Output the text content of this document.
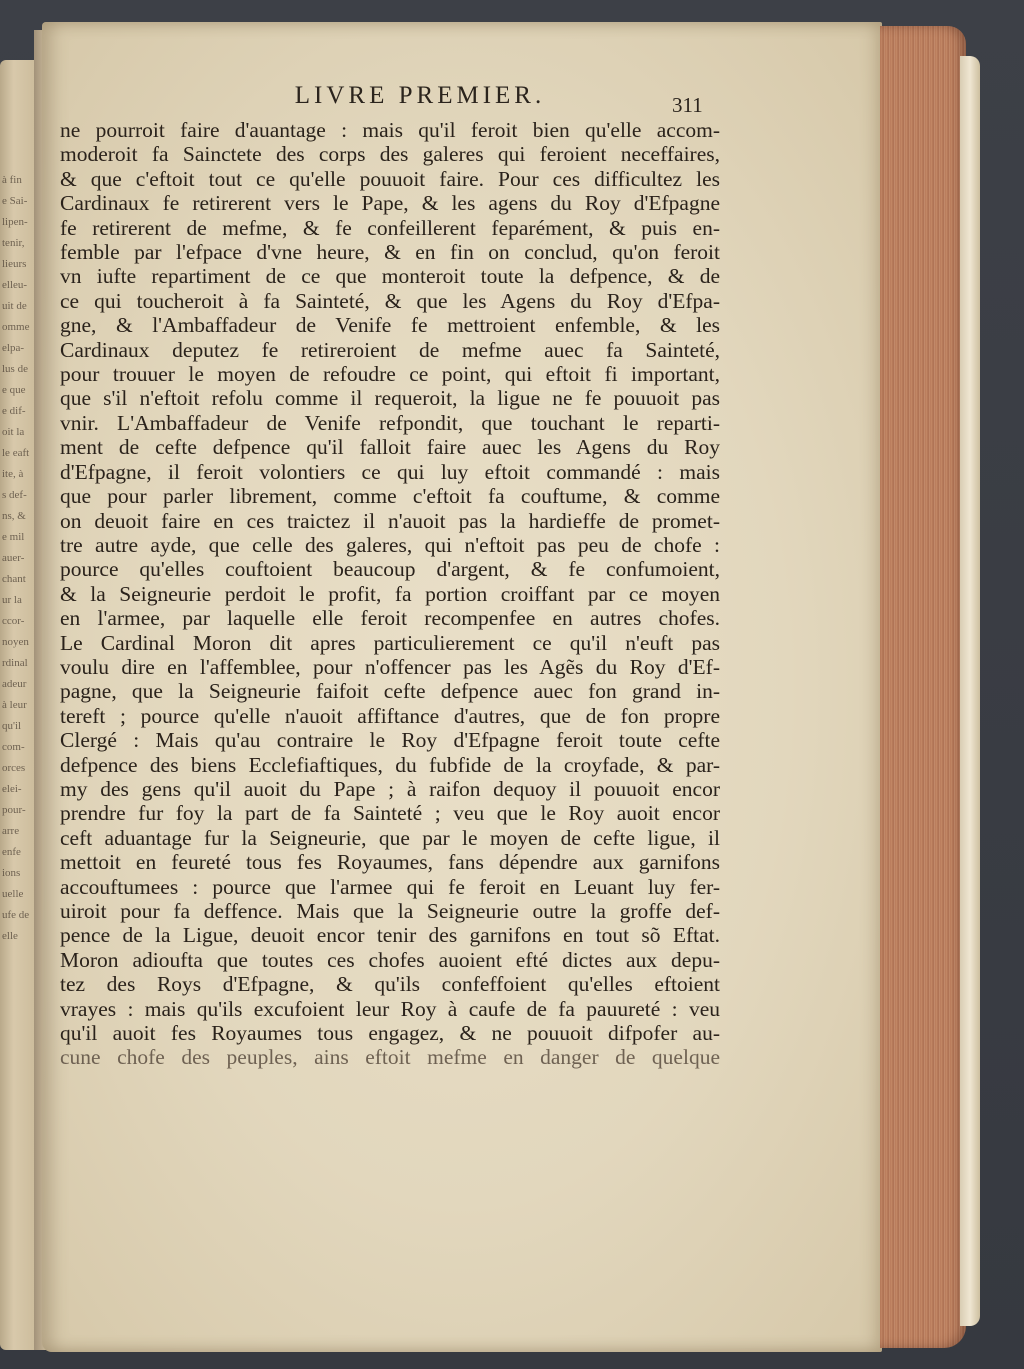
à fin
e Sai-
lipen-
tenir,
lieurs
elleu-
uit de
omme
elpa-
lus de
e que
e dif-
oit la
le eaft
ite, à
s def-
ns, &
e mil
auer-
chant
ur la
ccor-
noyen
rdinal
adeur
à leur
qu'il
com-
orces
elei-
pour-
arre
enfe
ions
uelle
ufe de
elle
LIVRE PREMIER.	311
ne pourroit faire d'auantage : mais qu'il feroit bien qu'elle accom-
moderoit fa Sainctete des corps des galeres qui feroient neceffaires,
& que c'eftoit tout ce qu'elle pouuoit faire. Pour ces difficultez les
Cardinaux fe retirerent vers le Pape, & les agens du Roy d'Efpagne
fe retirerent de mefme, & fe confeillerent feparément, & puis en-
femble par l'efpace d'vne heure, & en fin on conclud, qu'on feroit
vn iufte repartiment de ce que monteroit toute la defpence, & de
ce qui toucheroit à fa Sainteté, & que les Agens du Roy d'Efpa-
gne, & l'Ambaffadeur de Venife fe mettroient enfemble, & les
Cardinaux deputez fe retireroient de mefme auec fa Sainteté,
pour trouuer le moyen de refoudre ce point, qui eftoit fi important,
que s'il n'eftoit refolu comme il requeroit, la ligue ne fe pouuoit pas
vnir. L'Ambaffadeur de Venife refpondit, que touchant le reparti-
ment de cefte defpence qu'il falloit faire auec les Agens du Roy
d'Efpagne, il feroit volontiers ce qui luy eftoit commandé : mais
que pour parler librement, comme c'eftoit fa couftume, & comme
on deuoit faire en ces traictez il n'auoit pas la hardieffe de promet-
tre autre ayde, que celle des galeres, qui n'eftoit pas peu de chofe :
pource qu'elles couftoient beaucoup d'argent, & fe confumoient,
& la Seigneurie perdoit le profit, fa portion croiffant par ce moyen
en l'armee, par laquelle elle feroit recompenfee en autres chofes.
Le Cardinal Moron dit apres particulierement ce qu'il n'euft pas
voulu dire en l'affemblee, pour n'offencer pas les Agẽs du Roy d'Ef-
pagne, que la Seigneurie faifoit cefte defpence auec fon grand in-
tereft ; pource qu'elle n'auoit affiftance d'autres, que de fon propre
Clergé : Mais qu'au contraire le Roy d'Efpagne feroit toute cefte
defpence des biens Ecclefiaftiques, du fubfide de la croyfade, & par-
my des gens qu'il auoit du Pape ; à raifon dequoy il pouuoit encor
prendre fur foy la part de fa Sainteté ; veu que le Roy auoit encor
ceft aduantage fur la Seigneurie, que par le moyen de cefte ligue, il
mettoit en feureté tous fes Royaumes, fans dépendre aux garnifons
accouftumees : pource que l'armee qui fe feroit en Leuant luy fer-
uiroit pour fa deffence. Mais que la Seigneurie outre la groffe def-
pence de la Ligue, deuoit encor tenir des garnifons en tout sõ Eftat.
Moron adioufta que toutes ces chofes auoient efté dictes aux depu-
tez des Roys d'Efpagne, & qu'ils confeffoient qu'elles eftoient
vrayes : mais qu'ils excufoient leur Roy à caufe de fa pauureté : veu
qu'il auoit fes Royaumes tous engagez, & ne pouuoit difpofer au-
cune chofe des peuples, ains eftoit mefme en danger de quelque
